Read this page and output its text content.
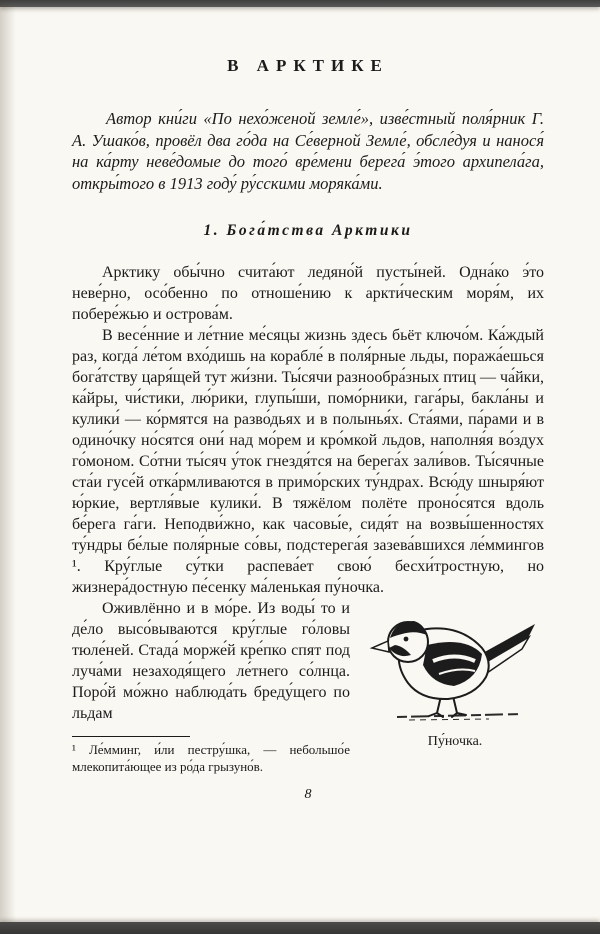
В АРКТИКЕ

Автор кни́ги «По нехо́женой земле́», изве́стный поля́рник Г. А. Ушако́в, провёл два го́да на Се́верной Земле́, обсле́дуя и нанося́ на ка́рту неве́домые до того́ вре́мени берега́ э́того архипела́га, откры́того в 1913 году́ ру́сскими моряка́ми.

1. Бога́тства Арктики

Арктику обы́чно счита́ют ледяно́й пусты́ней. Одна́ко э́то неве́рно, осо́бенно по отноше́нию к аркти́ческим моря́м, их побере́жью и острова́м.

В весе́нние и ле́тние ме́сяцы жизнь здесь бьёт ключо́м. Ка́ждый раз, когда́ ле́том вхо́дишь на корабле́ в поля́рные льды, поража́ешься бога́тству царя́щей тут жи́зни. Ты́сячи разнообра́зных птиц — ча́йки, ка́йры, чи́стики, лю́рики, глупы́ши, помо́рники, гага́ры, бакла́ны и кулики́ — ко́рмятся на разво́дьях и в полынья́х. Ста́ями, па́рами и в одино́чку но́сятся они́ над мо́рем и кро́мкой льдов, наполня́я во́здух го́моном. Со́тни ты́сяч у́ток гнездя́тся на берега́х зали́вов. Ты́сячные ста́и гусе́й отка́рмливаются в примо́рских ту́ндрах. Всю́ду шныря́ют ю́ркие, вертля́вые кулики́. В тяжёлом полёте проно́сятся вдоль бе́рега га́ги. Неподви́жно, как часовы́е, сидя́т на возвы́шенностях ту́ндры бе́лые поля́рные со́вы, подстерега́я зазева́вшихся ле́ммингов ¹. Кру́глые су́тки распева́ет свою́ бесхи́тростную, но жизнера́достную пе́сенку ма́ленькая пу́ночка.

Пу́ночка.

Оживлённо и в мо́ре. Из воды́ то и де́ло высо́вываются кру́глые го́ловы тюле́ней. Стада́ морже́й кре́пко спят под луча́ми незаходя́щего ле́тнего со́лнца. Поро́й мо́жно наблюда́ть бреду́щего по льдам

¹ Ле́мминг, и́ли пестру́шка, — небольшо́е млекопита́ющее из ро́да грызуно́в.
8
